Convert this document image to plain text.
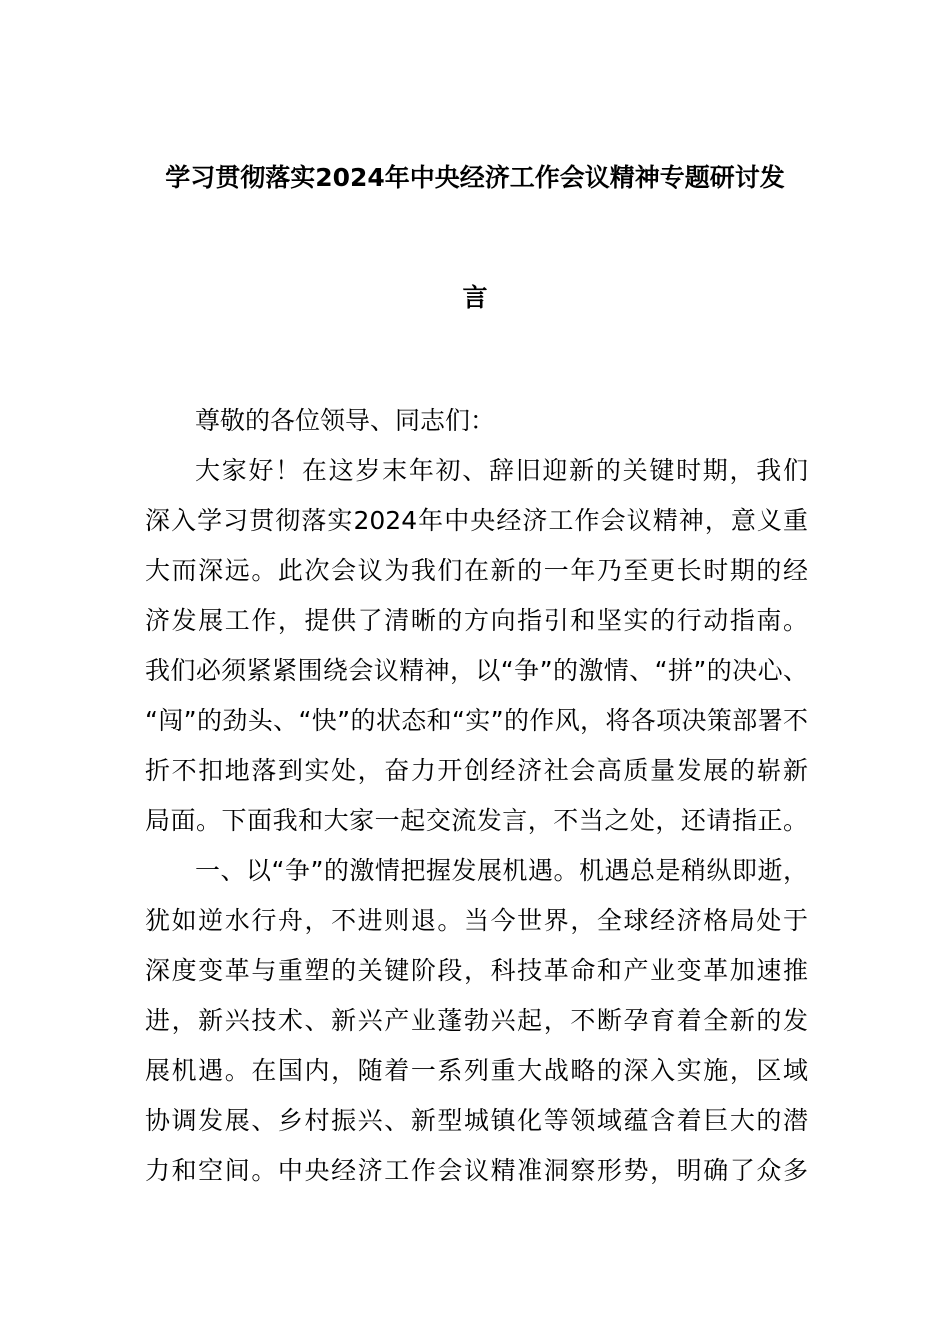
学习贯彻落实2024年中央经济工作会议精神专题研讨发
言
尊敬的各位领导、同志们：
大家好！在这岁末年初、辞旧迎新的关键时期，我们
深入学习贯彻落实2024年中央经济工作会议精神，意义重
大而深远。此次会议为我们在新的一年乃至更长时期的经
济发展工作，提供了清晰的方向指引和坚实的行动指南。
我们必须紧紧围绕会议精神，以“争”的激情、“拼”的决心、
“闯”的劲头、“快”的状态和“实”的作风，将各项决策部署不
折不扣地落到实处，奋力开创经济社会高质量发展的崭新
局面。下面我和大家一起交流发言，不当之处，还请指正。
一、以“争”的激情把握发展机遇。机遇总是稍纵即逝，
犹如逆水行舟，不进则退。当今世界，全球经济格局处于
深度变革与重塑的关键阶段，科技革命和产业变革加速推
进，新兴技术、新兴产业蓬勃兴起，不断孕育着全新的发
展机遇。在国内，随着一系列重大战略的深入实施，区域
协调发展、乡村振兴、新型城镇化等领域蕴含着巨大的潜
力和空间。中央经济工作会议精准洞察形势，明确了众多
